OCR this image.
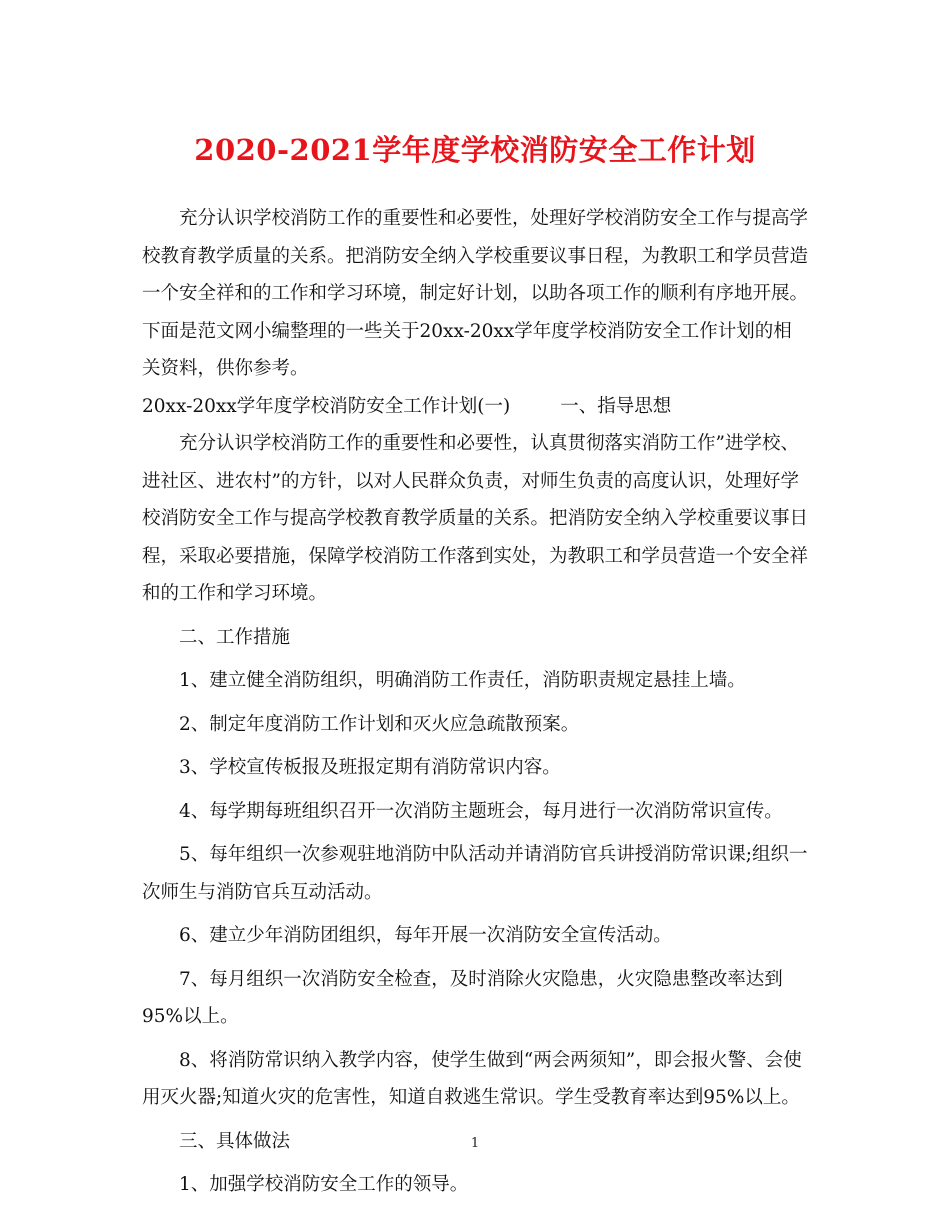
2020-2021学年度学校消防安全工作计划

充分认识学校消防工作的重要性和必要性，处理好学校消防安全工作与提高学校教育教学质量的关系。把消防安全纳入学校重要议事日程，为教职工和学员营造一个安全祥和的工作和学习环境，制定好计划，以助各项工作的顺利有序地开展。下面是范文网小编整理的一些关于20xx-20xx学年度学校消防安全工作计划的相关资料，供你参考。

20xx-20xx学年度学校消防安全工作计划(一)	一、指导思想

充分认识学校消防工作的重要性和必要性，认真贯彻落实消防工作”进学校、进社区、进农村”的方针，以对人民群众负责，对师生负责的高度认识，处理好学校消防安全工作与提高学校教育教学质量的关系。把消防安全纳入学校重要议事日程，采取必要措施，保障学校消防工作落到实处，为教职工和学员营造一个安全祥和的工作和学习环境。

二、工作措施

1、建立健全消防组织，明确消防工作责任，消防职责规定悬挂上墙。

2、制定年度消防工作计划和灭火应急疏散预案。

3、学校宣传板报及班报定期有消防常识内容。

4、每学期每班组织召开一次消防主题班会，每月进行一次消防常识宣传。

5、每年组织一次参观驻地消防中队活动并请消防官兵讲授消防常识课;组织一次师生与消防官兵互动活动。

6、建立少年消防团组织，每年开展一次消防安全宣传活动。

7、每月组织一次消防安全检查，及时消除火灾隐患，火灾隐患整改率达到95%以上。

8、将消防常识纳入教学内容，使学生做到“两会两须知”，即会报火警、会使用灭火器;知道火灾的危害性，知道自救逃生常识。学生受教育率达到95%以上。

三、具体做法

1、加强学校消防安全工作的领导。

1
